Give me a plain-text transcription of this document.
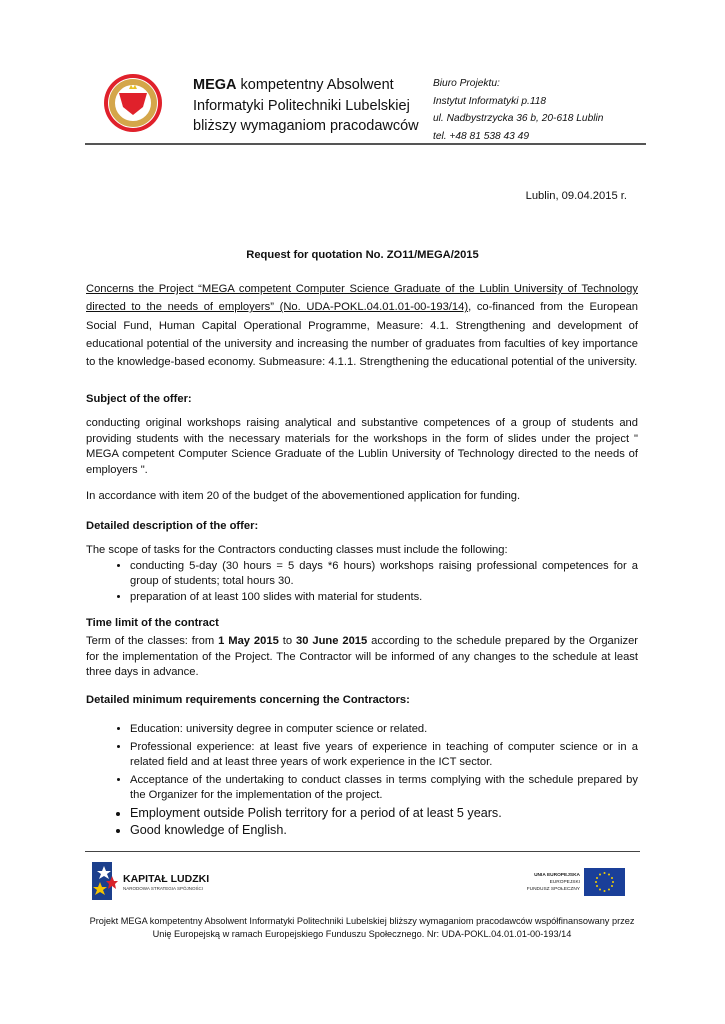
MEGA kompetentny Absolwent
Informatyki Politechniki Lubelskiej
bliższy wymaganiom pracodawców
Biuro Projektu:
Instytut Informatyki p.118
ul. Nadbystrzycka 36 b, 20-618 Lublin
tel. +48 81 538 43 49
Lublin, 09.04.2015 r.
Request for quotation No. ZO11/MEGA/2015

Concerns the Project “MEGA competent Computer Science Graduate of the Lublin University of Technology directed to the needs of employers” (No. UDA-POKL.04.01.01-00-193/14), co-financed from the European Social Fund, Human Capital Operational Programme, Measure: 4.1. Strengthening and development of educational potential of the university and increasing the number of graduates from faculties of key importance to the knowledge-based economy. Submeasure: 4.1.1. Strengthening the educational potential of the university.

Subject of the offer:

conducting original workshops raising analytical and substantive competences of a group of students and providing students with the necessary materials for the workshops in the form of slides under the project " MEGA competent Computer Science Graduate of the Lublin University of Technology directed to the needs of employers ".

In accordance with item 20 of the budget of the abovementioned application for funding.

Detailed description of the offer:

The scope of tasks for the Contractors conducting classes must include the following:

• conducting 5-day (30 hours = 5 days *6 hours) workshops raising professional competences for a group of students; total hours 30.
• preparation of at least 100 slides with material for students.
Time limit of the contract

Term of the classes: from 1 May 2015 to 30 June 2015 according to the schedule prepared by the Organizer for the implementation of the Project. The Contractor will be informed of any changes to the schedule at least three days in advance.

Detailed minimum requirements concerning the Contractors:
• Education: university degree in computer science or related.
• Professional experience: at least five years of experience in teaching of computer science or in a related field and at least three years of work experience in the ICT sector.
• Acceptance of the undertaking to conduct classes in terms complying with the schedule prepared by the Organizer for the implementation of the project.
• Employment outside Polish territory for a period of at least 5 years.
• Good knowledge of English.
KAPITAŁ LUDZKI
NARODOWA STRATEGIA SPÓJNOŚCI
UNIA EUROPEJSKA
EUROPEJSKI
FUNDUSZ SPOŁECZNY
Projekt MEGA kompetentny Absolwent Informatyki Politechniki Lubelskiej bliższy wymaganiom pracodawców współfinansowany przez Unię Europejską w ramach Europejskiego Funduszu Społecznego. Nr: UDA-POKL.04.01.01-00-193/14
